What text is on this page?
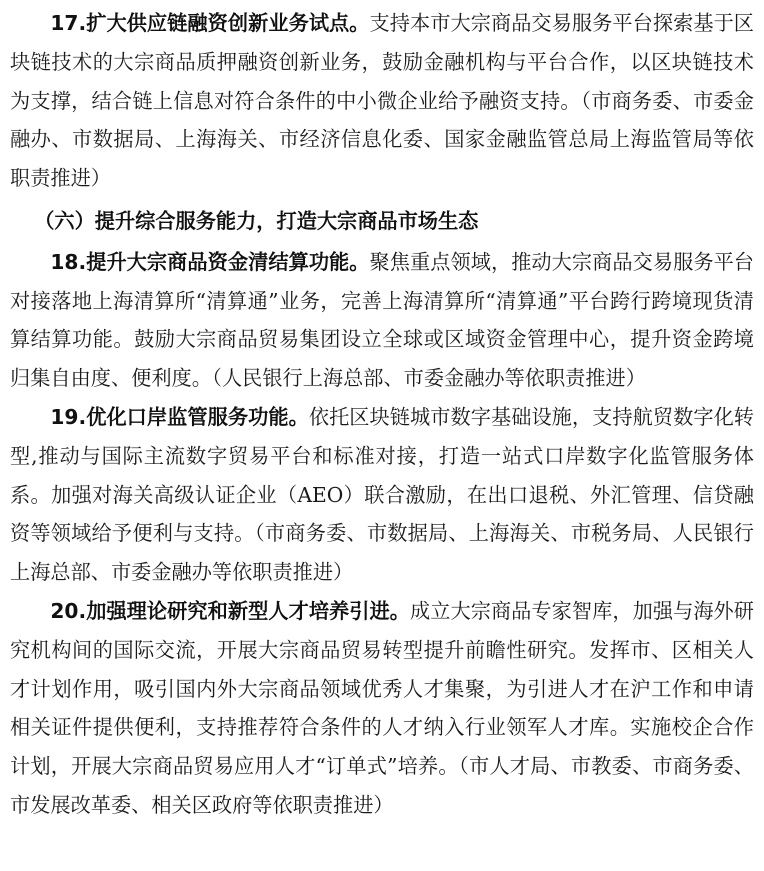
17.扩大供应链融资创新业务试点。支持本市大宗商品交易服务平台探索基于区块链技术的大宗商品质押融资创新业务，鼓励金融机构与平台合作，以区块链技术为支撑，结合链上信息对符合条件的中小微企业给予融资支持。（市商务委、市委金融办、市数据局、上海海关、市经济信息化委、国家金融监管总局上海监管局等依职责推进）

（六）提升综合服务能力，打造大宗商品市场生态

18.提升大宗商品资金清结算功能。聚焦重点领域，推动大宗商品交易服务平台对接落地上海清算所“清算通”业务，完善上海清算所“清算通”平台跨行跨境现货清算结算功能。鼓励大宗商品贸易集团设立全球或区域资金管理中心，提升资金跨境归集自由度、便利度。（人民银行上海总部、市委金融办等依职责推进）

19.优化口岸监管服务功能。依托区块链城市数字基础设施，支持航贸数字化转型,推动与国际主流数字贸易平台和标准对接，打造一站式口岸数字化监管服务体系。加强对海关高级认证企业（AEO）联合激励，在出口退税、外汇管理、信贷融资等领域给予便利与支持。（市商务委、市数据局、上海海关、市税务局、人民银行上海总部、市委金融办等依职责推进）

20.加强理论研究和新型人才培养引进。成立大宗商品专家智库，加强与海外研究机构间的国际交流，开展大宗商品贸易转型提升前瞻性研究。发挥市、区相关人才计划作用，吸引国内外大宗商品领域优秀人才集聚，为引进人才在沪工作和申请相关证件提供便利，支持推荐符合条件的人才纳入行业领军人才库。实施校企合作计划，开展大宗商品贸易应用人才“订单式”培养。（市人才局、市教委、市商务委、市发展改革委、相关区政府等依职责推进）
